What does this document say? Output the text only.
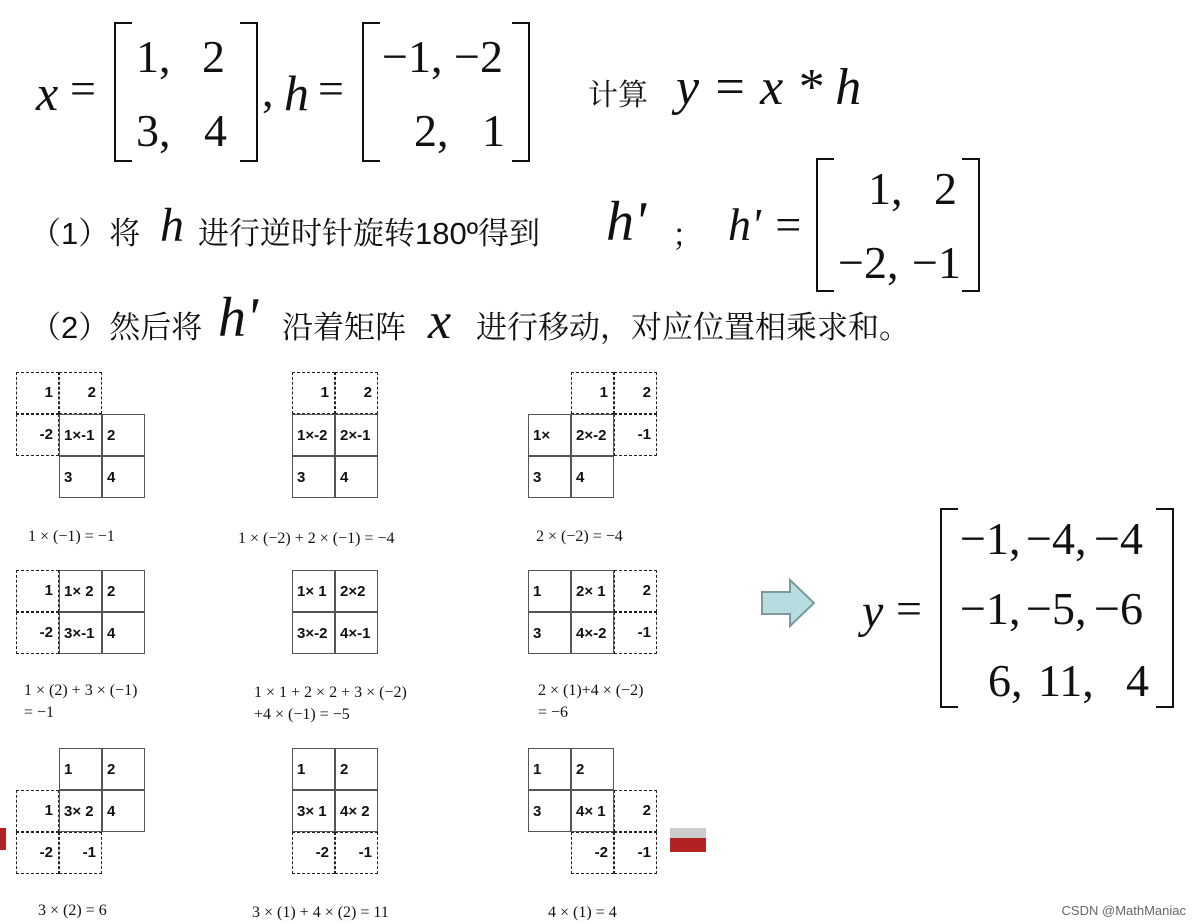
x =
1, 2
3, 4
, h =
−1, −2
2, 1
计算 y = x * h
（1）将 h 进行逆时针旋转180º得到 h' ； h' =
1, 2
−2, −1
（2）然后将 h' 沿着矩阵 x 进行移动，对应位置相乘求和。
1×-1 2
3 4
1 2
-2
1 × (−1) = −1
1×-2 2×-1
3 4
1 2
1 × (−2) + 2 × (−1) = −4
1× 2×-2
3 4
1 2
-1
2 × (−2) = −4
1× 2 2
3×-1 4
1
-2
1 × (2) + 3 × (−1)
= −1
1× 1 2×2
3×-2 4×-1
1 × 1 + 2 × 2 + 3 × (−2)
+4 × (−1) = −5
1 2× 1
3 4×-2
2
-1
2 × (1)+4 × (−2)
= −6
1 2
3× 2 4
1
-2 -1
3 × (2) = 6
1 2
3× 1 4× 2
-2 -1
3 × (1) + 4 × (2) = 11
1 2
3 4× 1 2
-2 -1
4 × (1) = 4
y =
−1, −4, −4
−1, −5, −6
6, 11, 4
CSDN @MathManiac
